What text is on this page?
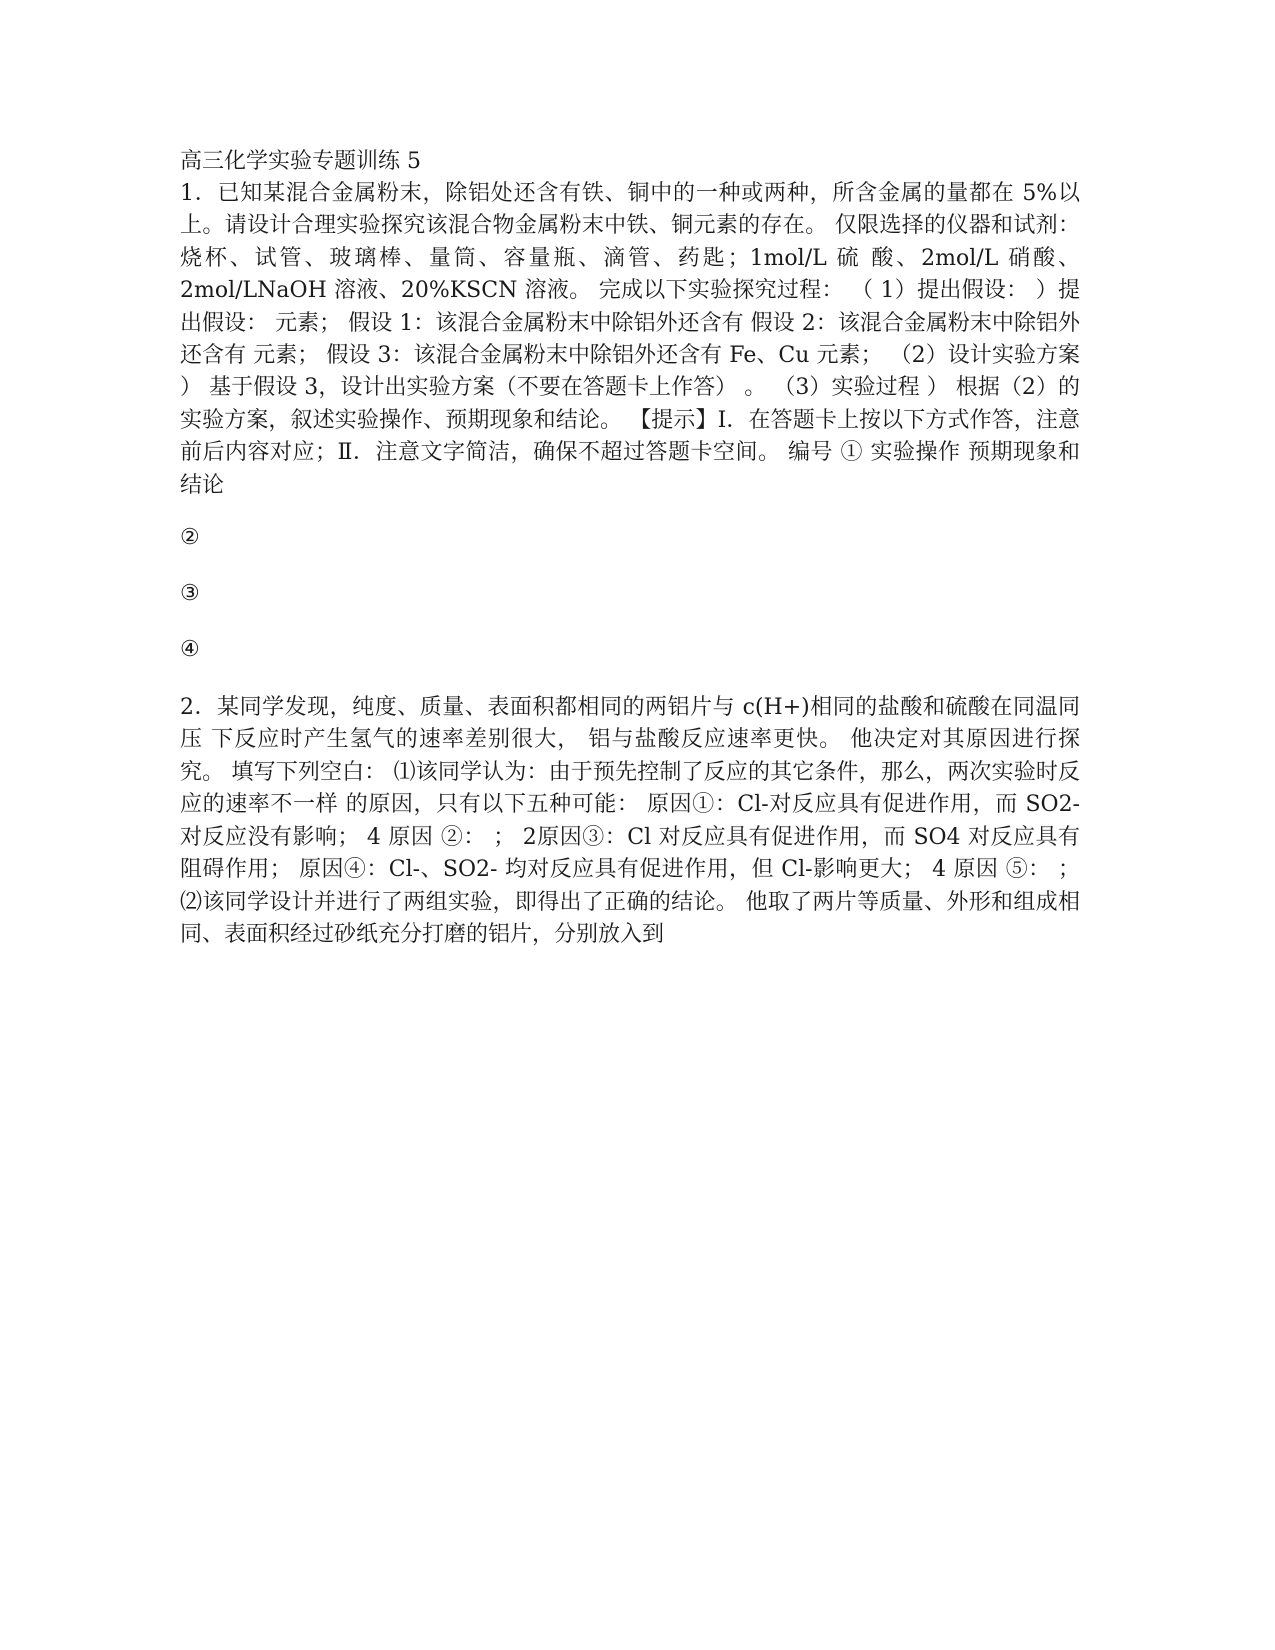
高三化学实验专题训练 5

1．已知某混合金属粉末，除铝处还含有铁、铜中的一种或两种，所含金属的量都在 5%以 上。请设计合理实验探究该混合物金属粉末中铁、铜元素的存在。 仅限选择的仪器和试剂：烧杯、试管、玻璃棒、量筒、容量瓶、滴管、药匙；1mol/L 硫 酸、2mol/L 硝酸、2mol/LNaOH 溶液、20%KSCN 溶液。 完成以下实验探究过程： （ 1）提出假设： ）提出假设： 元素； 假设 1：该混合金属粉末中除铝外还含有 假设 2：该混合金属粉末中除铝外还含有 元素； 假设 3：该混合金属粉末中除铝外还含有 Fe、Cu 元素； （2）设计实验方案 ） 基于假设 3，设计出实验方案（不要在答题卡上作答） 。 （3）实验过程 ） 根据（2）的实验方案，叙述实验操作、预期现象和结论。 【提示】Ⅰ．在答题卡上按以下方式作答，注意前后内容对应；Ⅱ．注意文字简洁，确保不超过答题卡空间。 编号 ① 实验操作 预期现象和结论

②
③
④

2．某同学发现，纯度、质量、表面积都相同的两铝片与 c(H+)相同的盐酸和硫酸在同温同压 下反应时产生氢气的速率差别很大， 铝与盐酸反应速率更快。 他决定对其原因进行探究。 填写下列空白： ⑴该同学认为：由于预先控制了反应的其它条件，那么，两次实验时反应的速率不一样 的原因，只有以下五种可能： 原因①：Cl-对反应具有促进作用，而 SO2- 对反应没有影响； 4 原因 ②： ； 2原因③：Cl 对反应具有促进作用，而 SO4 对反应具有阻碍作用； 原因④：Cl-、SO2- 均对反应具有促进作用，但 Cl-影响更大； 4 原因 ⑤： ； ⑵该同学设计并进行了两组实验，即得出了正确的结论。 他取了两片等质量、外形和组成相同、表面积经过砂纸充分打磨的铝片，分别放入到
